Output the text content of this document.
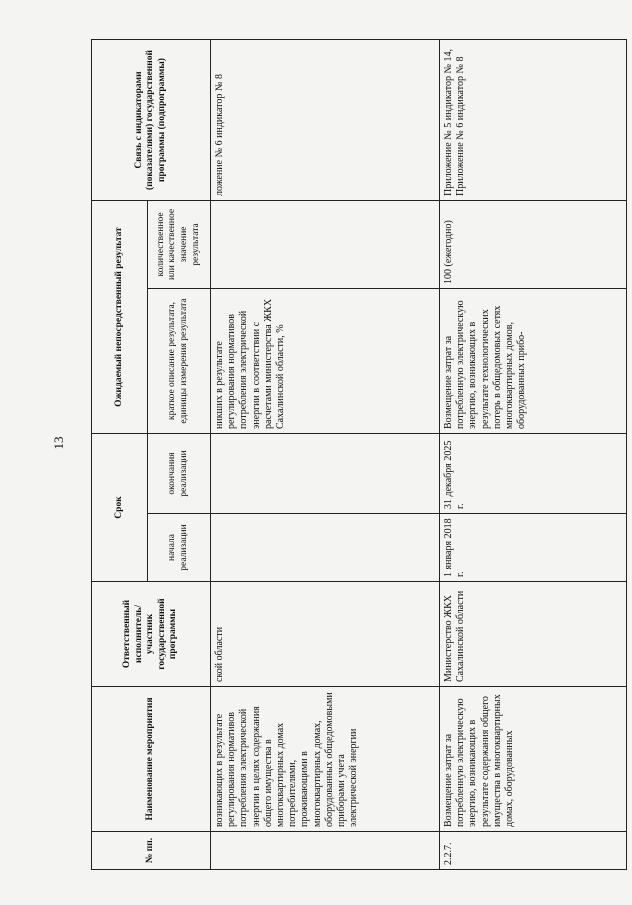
13
№ пп.	Наименование мероприятия	Ответственный исполнитель/участник государственной программы	Срок		Ожидаемый непосредственный результат		Связь с индикаторами (показателями) государственной программы (подпрограммы)
			начала реализации	окончания реализации	краткое описание результата, единицы измерения результата	количественное или качественное значение результата	
	возникающих в результате регулирования нормативов потребления электрической энергии в целях содержания общего имущества в многоквартирных домах потребителями, проживающими в многоквартирных домах, оборудованных общедомовыми приборами учета электрической энергии	ской области			никших в результате регулирования нормативов потребления электрической энергии в соответствии с расчетами министерства ЖКХ Сахалинской области, %		ложение № 6 индикатор № 8
2.2.7.	Возмещение затрат за потребленную электрическую энергию, возникающих в результате содержания общего имущества в многоквартирных домах, оборудованных	Министерство ЖКХ Сахалинской области	1 января 2018 г.	31 декабря 2025 г.	Возмещение затрат за потребленную электрическую энергию, возникающих в результате технологических потерь в общедомовых сетях многоквартирных домов, оборудованных прибо-	100 (ежегодно)	Приложение № 5 индикатор № 14, Приложение № 6 индикатор № 8
